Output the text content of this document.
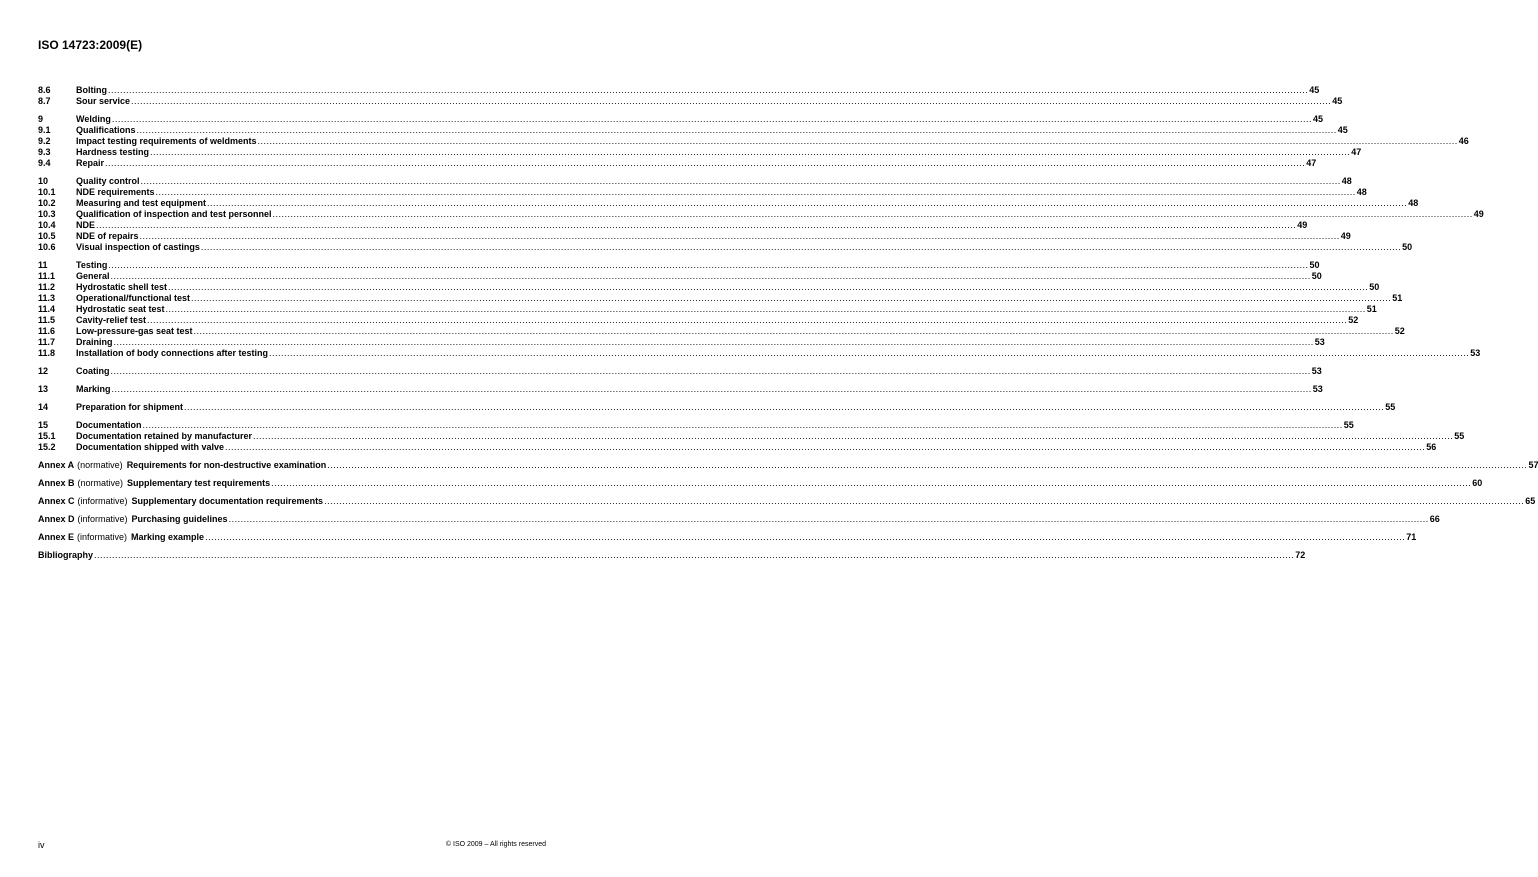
ISO 14723:2009(E)
8.6	Bolting ................................................................................................................................................................................................................................................................................................................................................................................................................ 45
8.7	Sour service ................................................................................................................................................................................................................................................................................................................................................................................................................ 45
9	Welding ................................................................................................................................................................................................................................................................................................................................................................................................................ 45
9.1	Qualifications ................................................................................................................................................................................................................................................................................................................................................................................................................ 45
9.2	Impact testing requirements of weldments ................................................................................................................................................................................................................................................................................................................................................................................................................ 46
9.3	Hardness testing ................................................................................................................................................................................................................................................................................................................................................................................................................ 47
9.4	Repair ................................................................................................................................................................................................................................................................................................................................................................................................................ 47
10	Quality control ................................................................................................................................................................................................................................................................................................................................................................................................................ 48
10.1	NDE requirements ................................................................................................................................................................................................................................................................................................................................................................................................................ 48
10.2	Measuring and test equipment ................................................................................................................................................................................................................................................................................................................................................................................................................ 48
10.3	Qualification of inspection and test personnel ................................................................................................................................................................................................................................................................................................................................................................................................................ 49
10.4	NDE ................................................................................................................................................................................................................................................................................................................................................................................................................ 49
10.5	NDE of repairs ................................................................................................................................................................................................................................................................................................................................................................................................................ 49
10.6	Visual inspection of castings ................................................................................................................................................................................................................................................................................................................................................................................................................ 50
11	Testing ................................................................................................................................................................................................................................................................................................................................................................................................................ 50
11.1	General ................................................................................................................................................................................................................................................................................................................................................................................................................ 50
11.2	Hydrostatic shell test ................................................................................................................................................................................................................................................................................................................................................................................................................ 50
11.3	Operational/functional test ................................................................................................................................................................................................................................................................................................................................................................................................................ 51
11.4	Hydrostatic seat test ................................................................................................................................................................................................................................................................................................................................................................................................................ 51
11.5	Cavity-relief test ................................................................................................................................................................................................................................................................................................................................................................................................................ 52
11.6	Low-pressure-gas seat test ................................................................................................................................................................................................................................................................................................................................................................................................................ 52
11.7	Draining ................................................................................................................................................................................................................................................................................................................................................................................................................ 53
11.8	Installation of body connections after testing ................................................................................................................................................................................................................................................................................................................................................................................................................ 53
12	Coating ................................................................................................................................................................................................................................................................................................................................................................................................................ 53
13	Marking ................................................................................................................................................................................................................................................................................................................................................................................................................ 53
14	Preparation for shipment ................................................................................................................................................................................................................................................................................................................................................................................................................ 55
15	Documentation ................................................................................................................................................................................................................................................................................................................................................................................................................ 55
15.1	Documentation retained by manufacturer ................................................................................................................................................................................................................................................................................................................................................................................................................ 55
15.2	Documentation shipped with valve ................................................................................................................................................................................................................................................................................................................................................................................................................ 56
Annex A (normative) Requirements for non-destructive examination ................................................................................................................................................................................................................................................................................................................................................................................................................ 57
Annex B (normative) Supplementary test requirements ................................................................................................................................................................................................................................................................................................................................................................................................................ 60
Annex C (informative) Supplementary documentation requirements ................................................................................................................................................................................................................................................................................................................................................................................................................ 65
Annex D (informative) Purchasing guidelines ................................................................................................................................................................................................................................................................................................................................................................................................................ 66
Annex E (informative) Marking example ................................................................................................................................................................................................................................................................................................................................................................................................................ 71
Bibliography ................................................................................................................................................................................................................................................................................................................................................................................................................ 72
iv	© ISO 2009 – All rights reserved
